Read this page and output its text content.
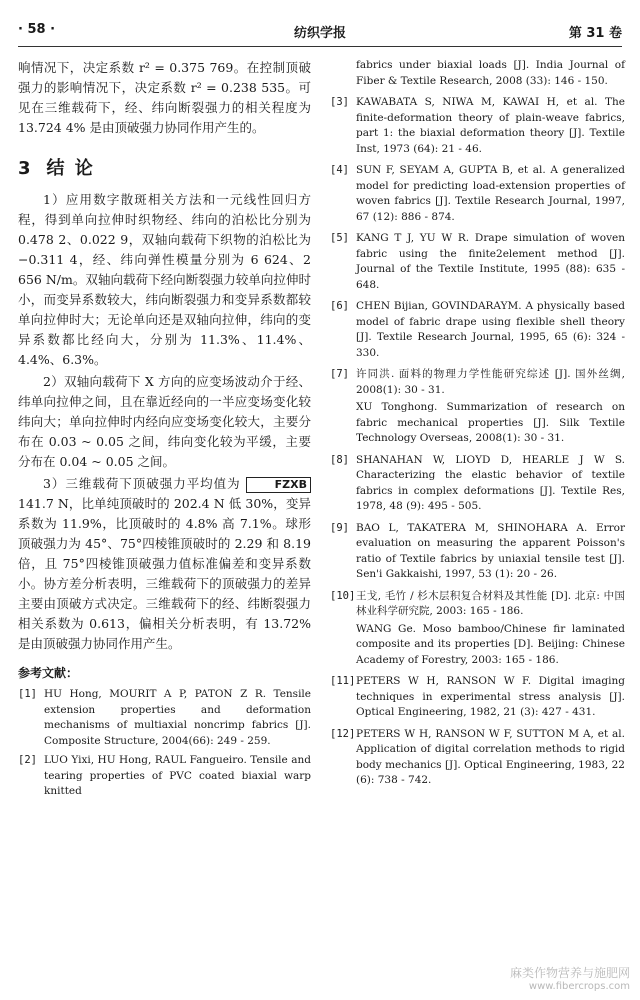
· 58 ·	纺织学报	第 31 卷

响情况下，决定系数 r² = 0.375 769。在控制顶破强力的影响情况下，决定系数 r² = 0.238 535。可见在三维载荷下，经、纬向断裂强力的相关程度为 13.724 4% 是由顶破强力协同作用产生的。

3 结 论

1）应用数字散斑相关方法和一元线性回归方程，得到单向拉伸时织物经、纬向的泊松比分别为 0.478 2、0.022 9，双轴向载荷下织物的泊松比为 −0.311 4，经、纬向弹性模量分别为 6 624、2 656 N/m。双轴向载荷下经向断裂强力较单向拉伸时小，而变异系数较大，纬向断裂强力和变异系数都较单向拉伸时大；无论单向还是双轴向拉伸，纬向的变异系数都比经向大，分别为 11.3%、11.4%、4.4%、6.3%。

2）双轴向载荷下 X 方向的应变场波动介于经、纬单向拉伸之间，且在靠近经向的一半应变场变化较纬向大；单向拉伸时内经向应变场变化较大，主要分布在 0.03 ~ 0.05 之间，纬向变化较为平缓，主要分布在 0.04 ~ 0.05 之间。

FZXB
3）三维载荷下顶破强力平均值为 141.7 N，比单纯顶破时的 202.4 N 低 30%，变异系数为 11.9%，比顶破时的 4.8% 高 7.1%。球形顶破强力为 45°、75°四棱锥顶破时的 2.29 和 8.19 倍，且 75°四棱锥顶破强力值标准偏差和变异系数小。协方差分析表明，三维载荷下的顶破强力的差异主要由顶破方式决定。三维载荷下的经、纬断裂强力相关系数为 0.613，偏相关分析表明，有 13.72% 是由顶破强力协同作用产生。

参考文献：
[1] HU Hong, MOURIT A P, PATON Z R. Tensile extension properties and deformation mechanisms of multiaxial noncrimp fabrics [J]. Composite Structure, 2004(66): 249 - 259.
[2] LUO Yixi, HU Hong, RAUL Fangueiro. Tensile and tearing properties of PVC coated biaxial warp knitted
fabrics under biaxial loads [J]. India Journal of Fiber & Textile Research, 2008 (33): 146 - 150.
[3] KAWABATA S, NIWA M, KAWAI H, et al. The finite-deformation theory of plain-weave fabrics, part 1: the biaxial deformation theory [J]. Textile Inst, 1973 (64): 21 - 46.
[4] SUN F, SEYAM A, GUPTA B, et al. A generalized model for predicting load-extension properties of woven fabrics [J]. Textile Research Journal, 1997, 67 (12): 886 - 874.
[5] KANG T J, YU W R. Drape simulation of woven fabric using the finite2element method [J]. Journal of the Textile Institute, 1995 (88): 635 - 648.
[6] CHEN Bijian, GOVINDARAYM. A physically based model of fabric drape using flexible shell theory [J]. Textile Research Journal, 1995, 65 (6): 324 - 330.
[7] 许同洪. 面料的物理力学性能研究综述 [J]. 国外丝绸, 2008(1): 30 - 31.
XU Tonghong. Summarization of research on fabric mechanical properties [J]. Silk Textile Technology Overseas, 2008(1): 30 - 31.
[8] SHANAHAN W, LIOYD D, HEARLE J W S. Characterizing the elastic behavior of textile fabrics in complex deformations [J]. Textile Res, 1978, 48 (9): 495 - 505.
[9] BAO L, TAKATERA M, SHINOHARA A. Error evaluation on measuring the apparent Poisson's ratio of Textile fabrics by uniaxial tensile test [J]. Sen'i Gakkaishi, 1997, 53 (1): 20 - 26.
[10] 王戈, 毛竹 / 杉木层积复合材料及其性能 [D]. 北京: 中国林业科学研究院, 2003: 165 - 186.
WANG Ge. Moso bamboo/Chinese fir laminated composite and its properties [D]. Beijing: Chinese Academy of Forestry, 2003: 165 - 186.
[11] PETERS W H, RANSON W F. Digital imaging techniques in experimental stress analysis [J]. Optical Engineering, 1982, 21 (3): 427 - 431.
[12] PETERS W H, RANSON W F, SUTTON M A, et al. Application of digital correlation methods to rigid body mechanics [J]. Optical Engineering, 1983, 22 (6): 738 - 742.
麻类作物营养与施肥网
www.fibercrops.com
